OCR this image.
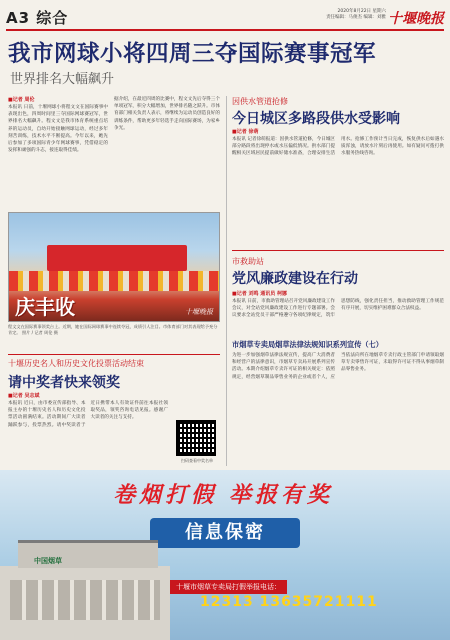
A3 综合	2020年8月22日 星期六
责任编辑：马俊杰 编辑：刘雅 十堰晚报
我市网球小将四周三夺国际赛事冠军
世界排名大幅飙升
■记者 周伦
本报讯 日前，十堰网球小将程文文在国际赛事中表现出色，四周时间里三夺国际网球赛冠军，世界排名大幅飙升。程文文是我市体育系统重点培养的运动员，自幼开始接触网球运动，经过多年刻苦训练，技术水平不断提高。今年以来，她先后参加了多项国际青少年网球赛事，凭借稳定的发挥和顽强的斗志，接连取得佳绩。
据介绍，在最近四周的比赛中，程文文先后夺得三个单项冠军，积分大幅增加，世界排名随之跃升。市体育部门相关负责人表示，将继续为运动员创造良好的训练条件，帮助更多年轻选手走向国际赛场，为家乡争光。
庆丰收	十堰晚报
程文文在国际赛事领奖台上。近期，她在国际网球赛事中连续夺冠，成绩引人注目。市体育部门对其表现给予充分肯定。 照片 / 记者 周伦 摄
因供水管道抢修
今日城区多路段供水受影响
■记者 徐萌
本报讯 记者徐萌报道：因供水管道抢修，今日城区部分路段将出现停水或水压偏低情况。供水部门提醒相关区域居民提前做好储水准备，合理安排生活用水。抢修工作预计当日完成，恢复供水后如遇水质浑浊，请放水片刻后再使用。如有疑问可拨打供水服务热线咨询。
市救助站
党风廉政建设在行动
■记者 刘鸣 通讯员 柯娜
本报讯 日前，市救助管理站召开党风廉政建设工作会议，对全站党风廉政建设工作进行专题部署。会议要求全站党员干部严格遵守各项纪律规定，筑牢思想防线，强化责任担当，推动救助管理工作规范有序开展，切实维护困难群众合法权益。
十堰历史名人和历史文化投票活动结束
请中奖者快来领奖
■记者 吴志斌
本报讯 近日，由市委宣传部指导、本报主办的十堰历史名人和历史文化投票活动圆满结束。活动期间广大读者踊跃参与，投票热烈。请中奖读者于近日携带本人有效证件前往本报社领取奖品，领奖咨询电话见报。感谢广大读者的关注与支持。
扫码查看中奖名单
市烟草专卖局烟草法律法规知识系列宣传（七）
为进一步加强烟草法律法规宣传，提高广大消费者和经营户的法律意识，市烟草专卖局开展系列宣传活动。本期介绍烟草专卖许可证的相关规定：依照规定，经营烟草制品零售业务的企业或者个人，应当依法向所在地烟草专卖行政主管部门申请领取烟草专卖零售许可证，未取得许可证不得从事烟草制品零售业务。
卷烟打假 举报有奖
信息保密
中国烟草
十堰市烟草专卖局打假举报电话：
12313 13635721111
